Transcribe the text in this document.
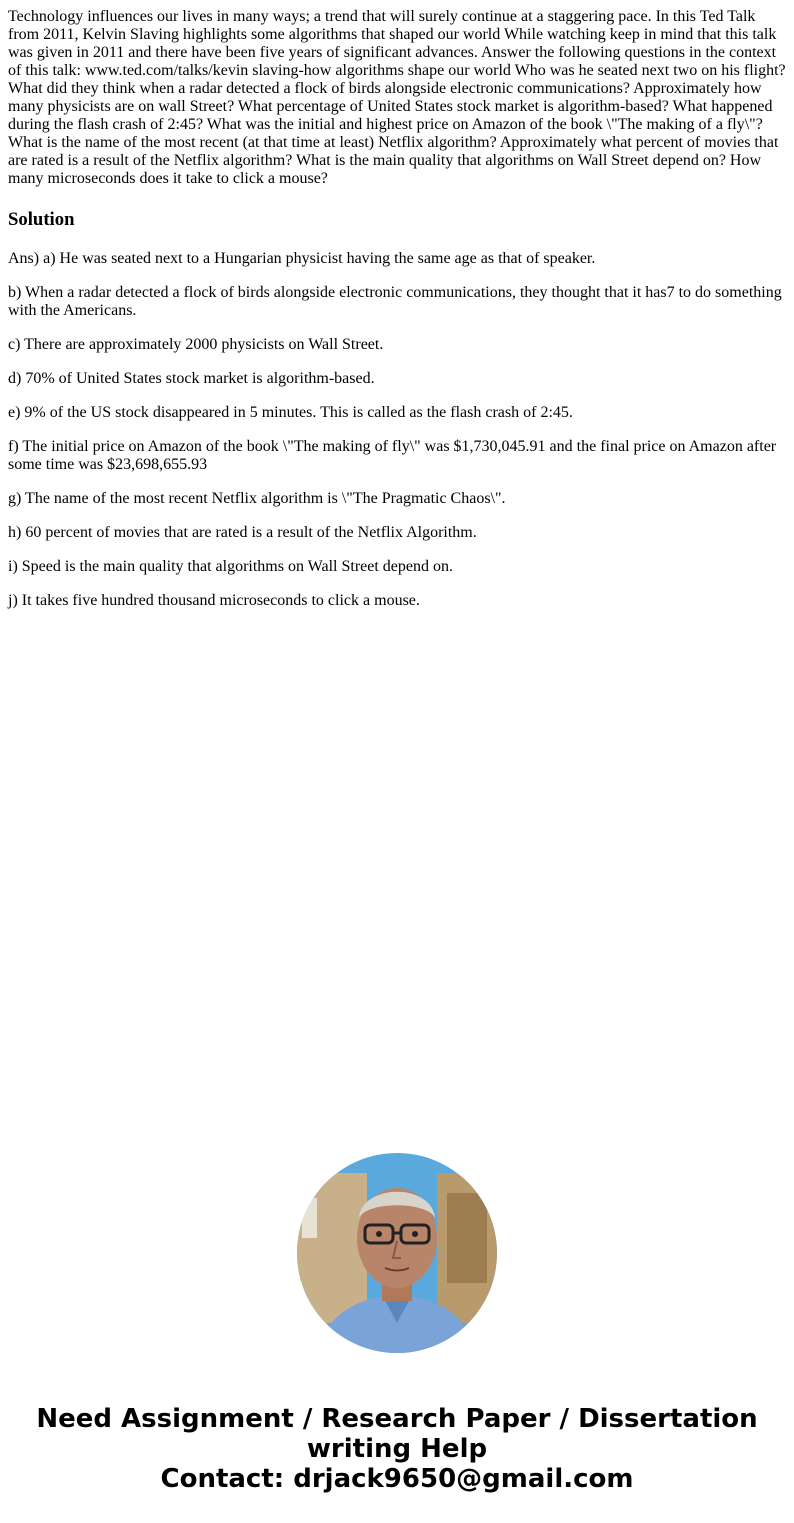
Technology influences our lives in many ways; a trend that will surely continue at a staggering pace. In this Ted Talk from 2011, Kelvin Slaving highlights some algorithms that shaped our world While watching keep in mind that this talk was given in 2011 and there have been five years of significant advances. Answer the following questions in the context of this talk: www.ted.com/talks/kevin slaving-how algorithms shape our world Who was he seated next two on his flight? What did they think when a radar detected a flock of birds alongside electronic communications? Approximately how many physicists are on wall Street? What percentage of United States stock market is algorithm-based? What happened during the flash crash of 2:45? What was the initial and highest price on Amazon of the book \"The making of a fly\"? What is the name of the most recent (at that time at least) Netflix algorithm? Approximately what percent of movies that are rated is a result of the Netflix algorithm? What is the main quality that algorithms on Wall Street depend on? How many microseconds does it take to click a mouse?

Solution

Ans) a) He was seated next to a Hungarian physicist having the same age as that of speaker.

b) When a radar detected a flock of birds alongside electronic communications, they thought that it has7 to do something with the Americans.

c) There are approximately 2000 physicists on Wall Street.

d) 70% of United States stock market is algorithm-based.

e) 9% of the US stock disappeared in 5 minutes. This is called as the flash crash of 2:45.

f) The initial price on Amazon of the book \"The making of fly\" was $1,730,045.91 and the final price on Amazon after some time was $23,698,655.93

g) The name of the most recent Netflix algorithm is \"The Pragmatic Chaos\".

h) 60 percent of movies that are rated is a result of the Netflix Algorithm.

i) Speed is the main quality that algorithms on Wall Street depend on.

j) It takes five hundred thousand microseconds to click a mouse.

Need Assignment / Research Paper / Dissertation
writing Help
Contact: drjack9650@gmail.com
